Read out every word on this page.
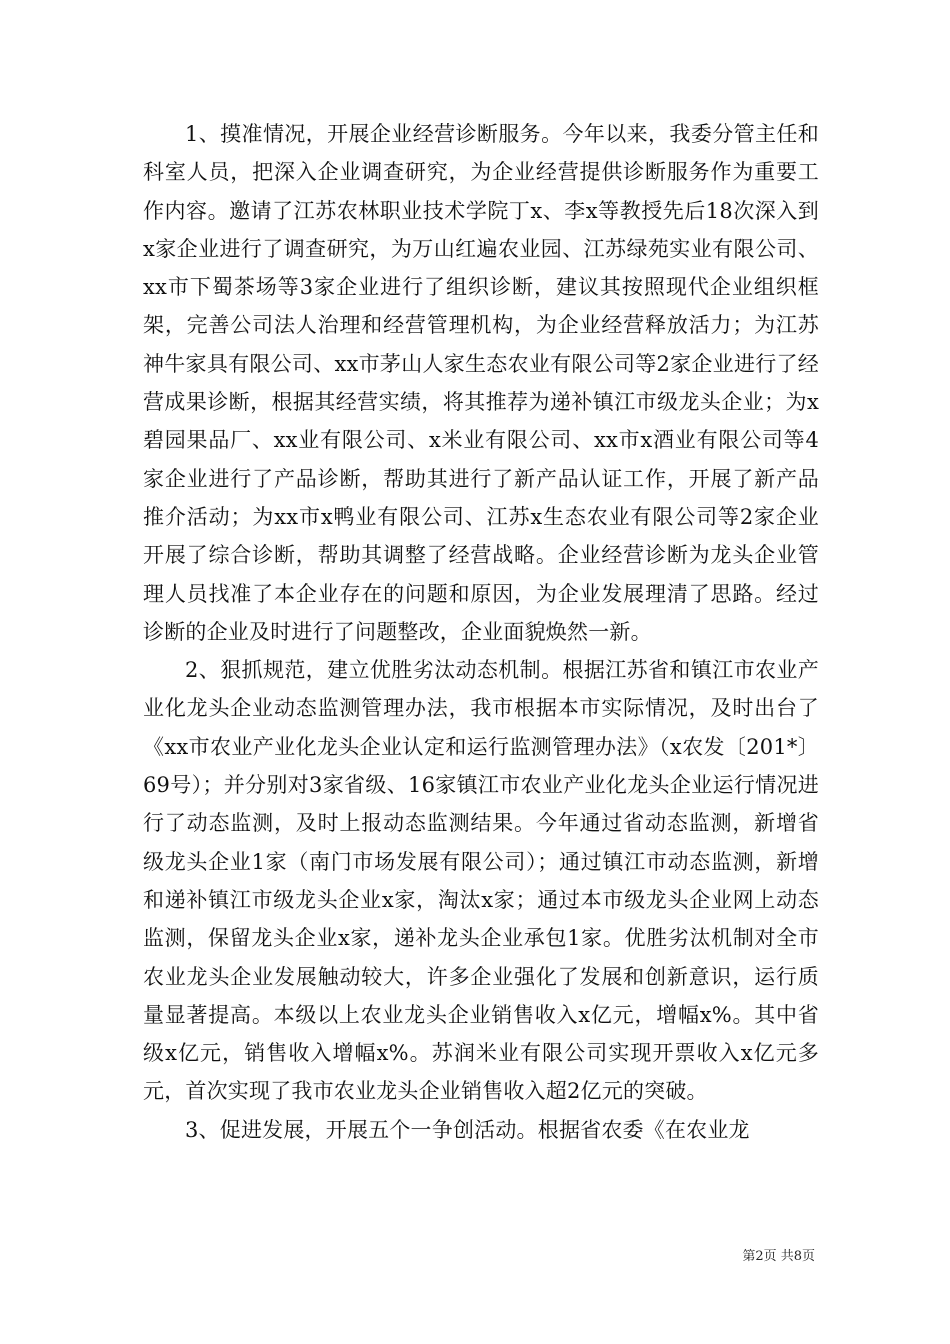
1、摸准情况，开展企业经营诊断服务。今年以来，我委分管主任和科室人员，把深入企业调查研究，为企业经营提供诊断服务作为重要工作内容。邀请了江苏农林职业技术学院丁x、李x等教授先后18次深入到x家企业进行了调查研究，为万山红遍农业园、江苏绿苑实业有限公司、xx市下蜀茶场等3家企业进行了组织诊断，建议其按照现代企业组织框架，完善公司法人治理和经营管理机构，为企业经营释放活力；为江苏神牛家具有限公司、xx市茅山人家生态农业有限公司等2家企业进行了经营成果诊断，根据其经营实绩，将其推荐为递补镇江市级龙头企业；为x碧园果品厂、xx业有限公司、x米业有限公司、xx市x酒业有限公司等4家企业进行了产品诊断，帮助其进行了新产品认证工作，开展了新产品推介活动；为xx市x鸭业有限公司、江苏x生态农业有限公司等2家企业开展了综合诊断，帮助其调整了经营战略。企业经营诊断为龙头企业管理人员找准了本企业存在的问题和原因，为企业发展理清了思路。经过诊断的企业及时进行了问题整改，企业面貌焕然一新。

2、狠抓规范，建立优胜劣汰动态机制。根据江苏省和镇江市农业产业化龙头企业动态监测管理办法，我市根据本市实际情况，及时出台了《xx市农业产业化龙头企业认定和运行监测管理办法》（x农发〔201*〕69号）；并分别对3家省级、16家镇江市农业产业化龙头企业运行情况进行了动态监测，及时上报动态监测结果。今年通过省动态监测，新增省级龙头企业1家（南门市场发展有限公司）；通过镇江市动态监测，新增和递补镇江市级龙头企业x家，淘汰x家；通过本市级龙头企业网上动态监测，保留龙头企业x家，递补龙头企业承包1家。优胜劣汰机制对全市农业龙头企业发展触动较大，许多企业强化了发展和创新意识，运行质量显著提高。本级以上农业龙头企业销售收入x亿元，增幅x%。其中省级x亿元，销售收入增幅x%。苏润米业有限公司实现开票收入x亿元多元，首次实现了我市农业龙头企业销售收入超2亿元的突破。

3、促进发展，开展五个一争创活动。根据省农委《在农业龙

第2页 共8页
